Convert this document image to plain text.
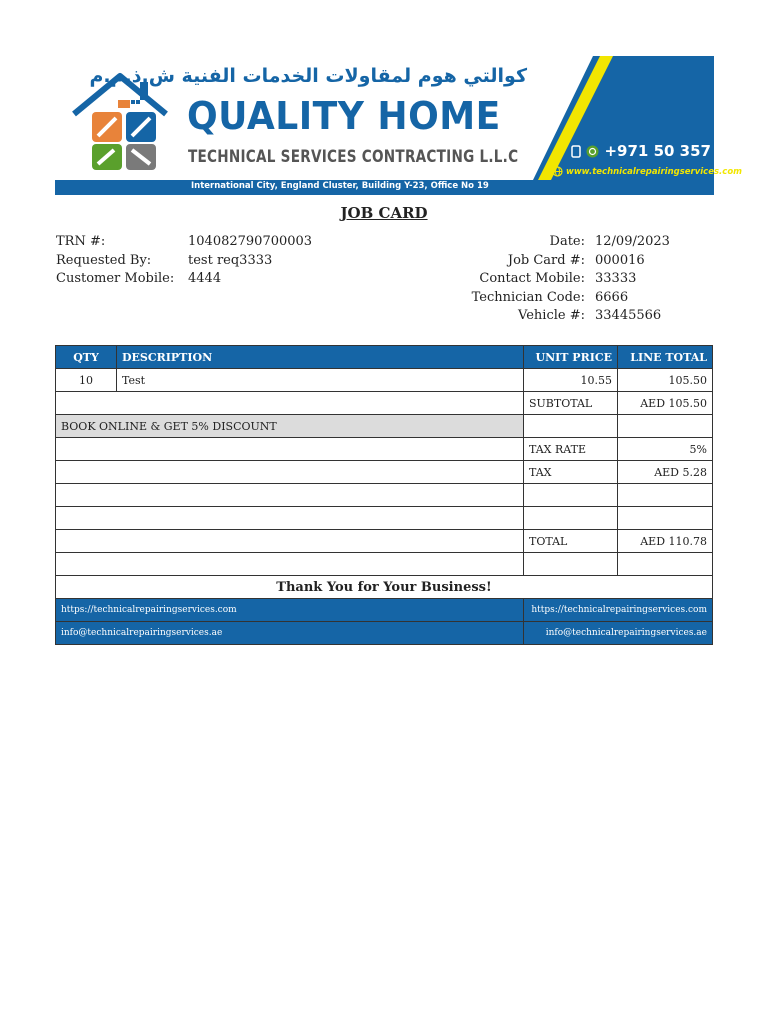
كوالتي هوم لمقاولات الخدمات الفنية ش.ذ.م.م
QUALITY HOME
TECHNICAL SERVICES CONTRACTING L.L.C	+971 50 357 0250
www.technicalrepairingservices.com
International City, England Cluster, Building Y-23, Office No 19
JOB CARD
TRN #:	104082790700003
Requested By:	test req3333
Customer Mobile: 4444
Date: 12/09/2023
Job Card #: 000016
Contact Mobile: 33333
Technician Code: 6666
Vehicle #: 33445566
QTY	DESCRIPTION	UNIT PRICE	LINE TOTAL
10	Test	10.55	105.50
		SUBTOTAL	AED 105.50
BOOK ONLINE & GET 5% DISCOUNT			
		TAX RATE	5%
		TAX	AED 5.28

		TOTAL	AED 110.78

Thank You for Your Business!			
https://technicalrepairingservices.com		https://technicalrepairingservices.com	
info@technicalrepairingservices.ae		info@technicalrepairingservices.ae	
